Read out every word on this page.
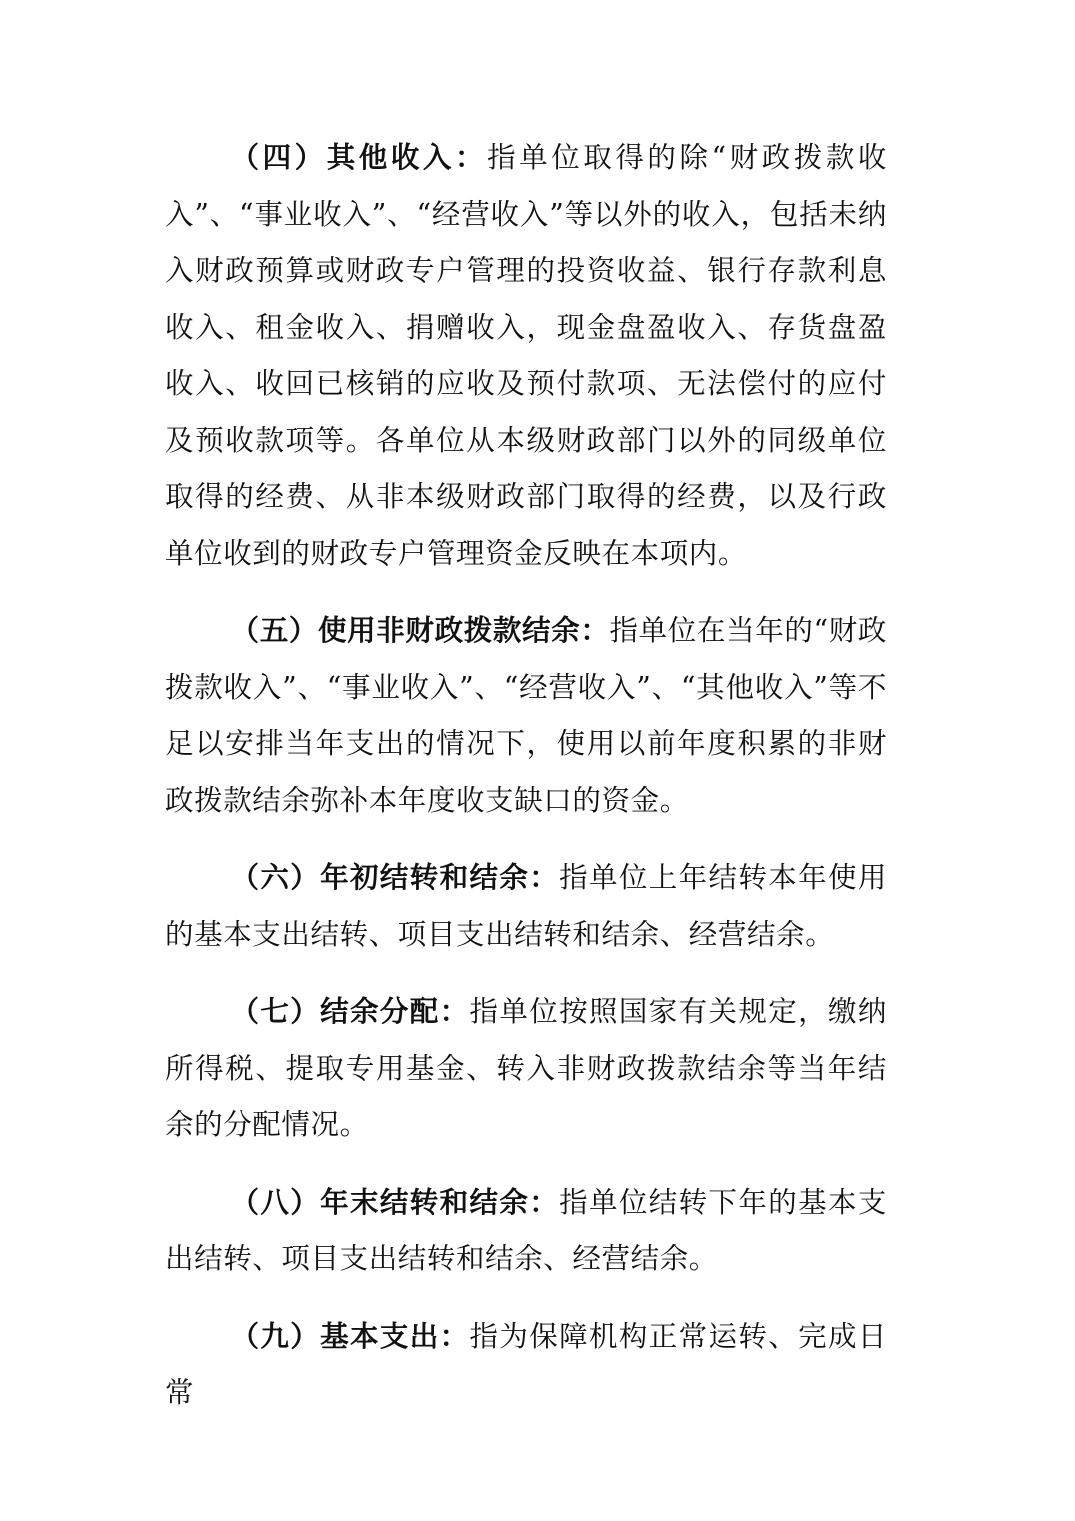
（四）其他收入：指单位取得的除“财政拨款收入”、“事业收入”、“经营收入”等以外的收入，包括未纳入财政预算或财政专户管理的投资收益、银行存款利息收入、租金收入、捐赠收入，现金盘盈收入、存货盘盈收入、收回已核销的应收及预付款项、无法偿付的应付及预收款项等。各单位从本级财政部门以外的同级单位取得的经费、从非本级财政部门取得的经费，以及行政单位收到的财政专户管理资金反映在本项内。

（五）使用非财政拨款结余：指单位在当年的“财政拨款收入”、“事业收入”、“经营收入”、“其他收入”等不足以安排当年支出的情况下，使用以前年度积累的非财政拨款结余弥补本年度收支缺口的资金。

（六）年初结转和结余：指单位上年结转本年使用的基本支出结转、项目支出结转和结余、经营结余。

（七）结余分配：指单位按照国家有关规定，缴纳所得税、提取专用基金、转入非财政拨款结余等当年结余的分配情况。

（八）年末结转和结余：指单位结转下年的基本支出结转、项目支出结转和结余、经营结余。

（九）基本支出：指为保障机构正常运转、完成日常
